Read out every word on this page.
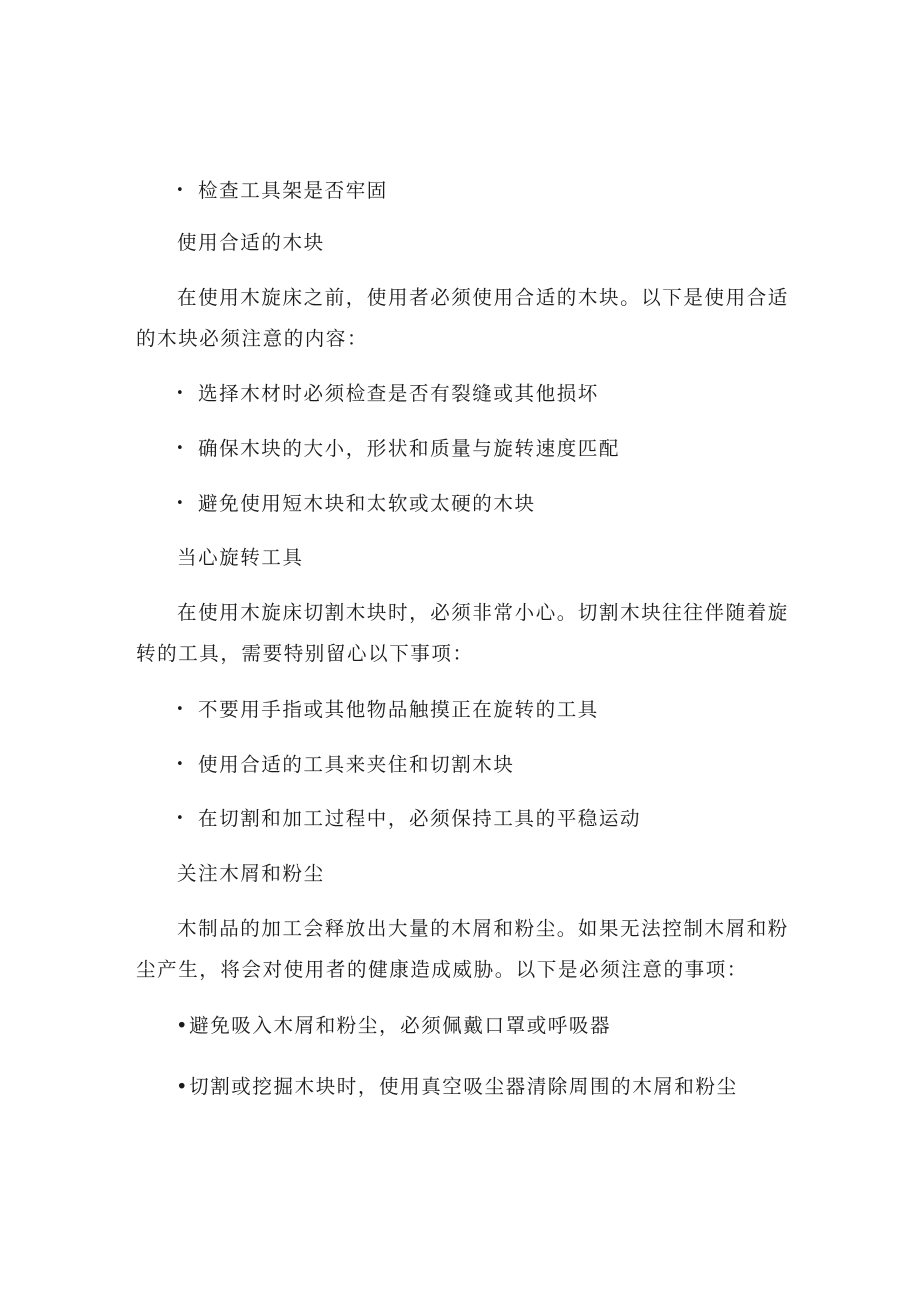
• 检查工具架是否牢固
使用合适的木块
在使用木旋床之前，使用者必须使用合适的木块。以下是使用合适
的木块必须注意的内容：
• 选择木材时必须检查是否有裂缝或其他损坏
• 确保木块的大小，形状和质量与旋转速度匹配
• 避免使用短木块和太软或太硬的木块
当心旋转工具
在使用木旋床切割木块时，必须非常小心。切割木块往往伴随着旋
转的工具，需要特别留心以下事项：
• 不要用手指或其他物品触摸正在旋转的工具
• 使用合适的工具来夹住和切割木块
• 在切割和加工过程中，必须保持工具的平稳运动
关注木屑和粉尘
木制品的加工会释放出大量的木屑和粉尘。如果无法控制木屑和粉
尘产生，将会对使用者的健康造成威胁。以下是必须注意的事项：
•避免吸入木屑和粉尘，必须佩戴口罩或呼吸器
•切割或挖掘木块时，使用真空吸尘器清除周围的木屑和粉尘
